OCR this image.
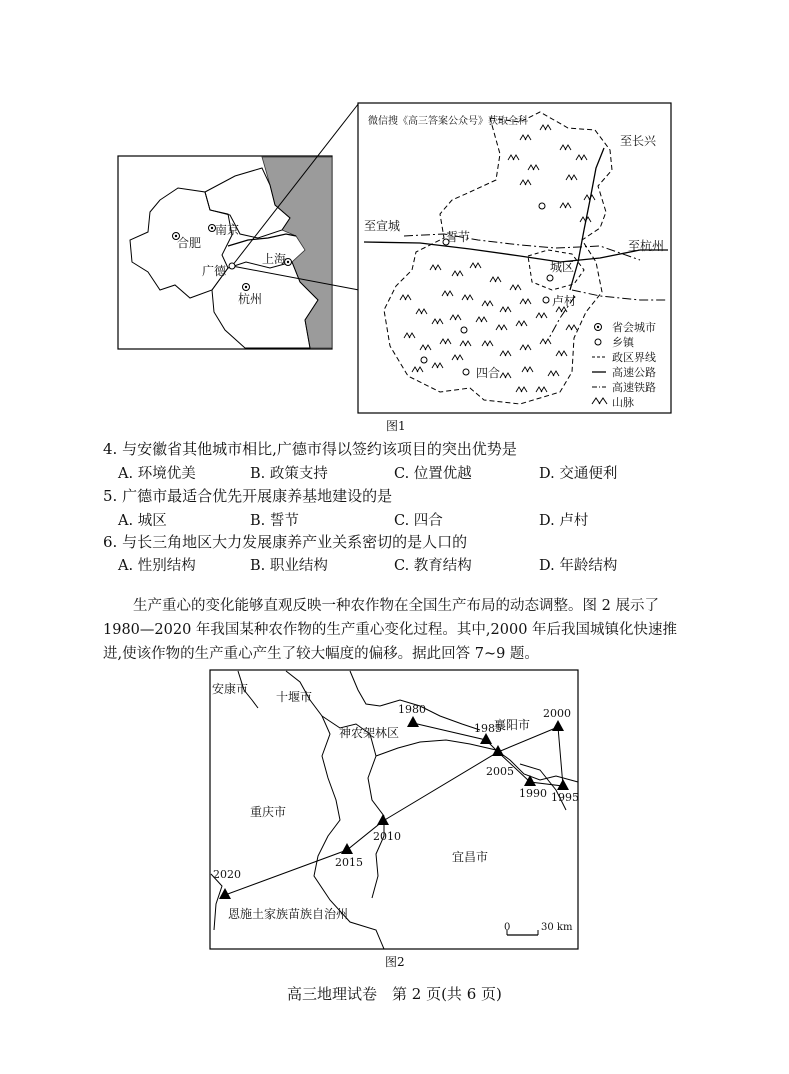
微信搜《高三答案公众号》获取全科
合肥
南京
广德
上海
杭州
至长兴
至宣城
至杭州
誓节
城区
卢村
四合
省会城市
乡镇
政区界线
高速公路
高速铁路
山脉
图1
4. 与安徽省其他城市相比,广德市得以签约该项目的突出优势是
A. 环境优美	B. 政策支持	C. 位置优越	D. 交通便利
5. 广德市最适合优先开展康养基地建设的是
A. 城区	B. 誓节	C. 四合	D. 卢村
6. 与长三角地区大力发展康养产业关系密切的是人口的
A. 性别结构	B. 职业结构	C. 教育结构	D. 年龄结构
生产重心的变化能够直观反映一种农作物在全国生产布局的动态调整。图 2 展示了
1980—2020 年我国某种农作物的生产重心变化过程。其中,2000 年后我国城镇化快速推
进,使该作物的生产重心产生了较大幅度的偏移。据此回答 7~9 题。
安康市
十堰市
神农架林区
襄阳市
重庆市
宜昌市
恩施土家族苗族自治州
1980
1985
2000
1990 1995
2005
2010
2015
2020
0	30 km
图2
高三地理试卷　第 2 页(共 6 页)
